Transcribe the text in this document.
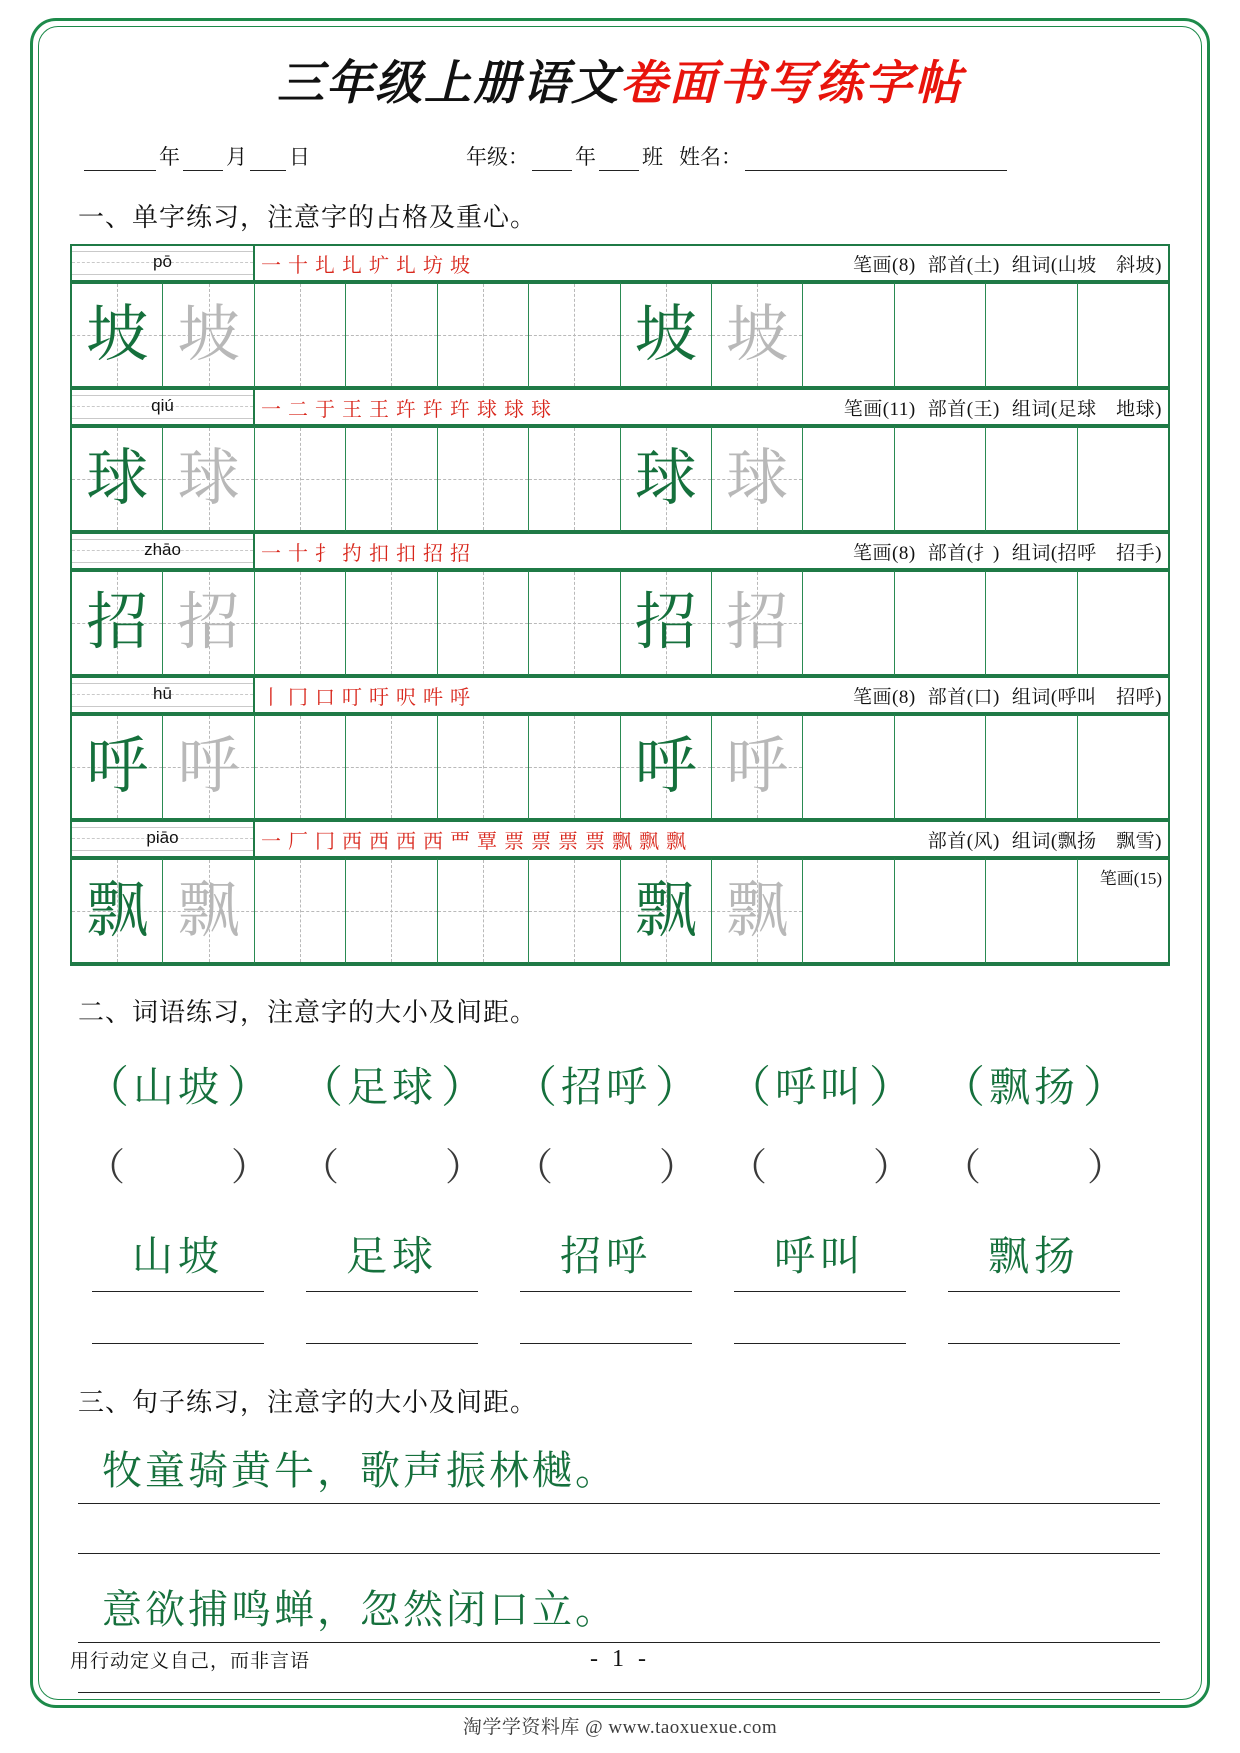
三年级上册语文卷面书写练字帖
年 月 日	年级： 年 班 姓名：
一、单字练习，注意字的占格及重心。
pō	一 十 圠 圠 圹 圠 坊 坡	笔画(8) 部首(土) 组词(山坡　斜坡)

坡 坡	坡 坡

qiú	一 二 于 王 王 玝 玝 玝 球 球 球	笔画(11) 部首(王) 组词(足球　地球)

球 球	球 球

zhāo	一 十 扌 扚 扣 扣 招 招	笔画(8) 部首(扌) 组词(招呼　招手)

招 招	招 招

hū	丨 冂 口 叮 吁 呎 吽 呼	笔画(8) 部首(口) 组词(呼叫　招呼)

呼 呼	呼 呼

piāo	一 厂 冂 西 西 西 西 覀 覃 票 票 票 票 飘 飘 飘	部首(风) 组词(飘扬　飘雪)

飘 飘	飘 飘	笔画(15)
二、词语练习，注意字的大小及间距。
（ 山坡 ） （ 足球 ） （ 招呼 ） （ 呼叫 ） （ 飘扬 ）
（	） （	） （	） （	） （	）
山坡	足球	招呼	呼叫	飘扬

三、句子练习，注意字的大小及间距。
牧童骑黄牛，歌声振林樾。
意欲捕鸣蝉，忽然闭口立。
用行动定义自己，而非言语	- 1 -
淘学学资料库 @ www.taoxuexue.com
